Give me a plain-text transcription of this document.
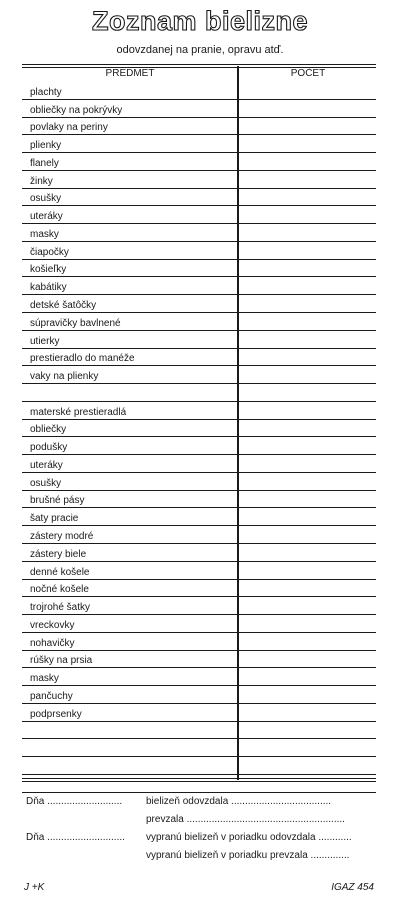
Zoznam bielizne
odovzdanej na pranie, opravu atď.
PREDMET	POČET
plachty
obliečky na pokrývky
povlaky na periny
plienky
flanely
žinky
osušky
uteráky
masky
čiapočky
košieľky
kabátiky
detské šatôčky
súpravičky bavlnené
utierky
prestieradlo do manéže
vaky na plienky
materské prestieradlá
obliečky
podušky
uteráky
osušky
brušné pásy
šaty pracie
zástery modré
zástery biele
denné košele
nočné košele
trojrohé šatky
vreckovky
nohavičky
rúšky na prsia
masky
pančuchy
podprsenky
Dňa ........................... bielizeň odovzdala ....................................
prevzala .........................................................
Dňa ............................ vypranú bielizeň v poriadku odovzdala ............
vypranú bielizeň v poriadku prevzala ..............
J +K	IGAZ 454
